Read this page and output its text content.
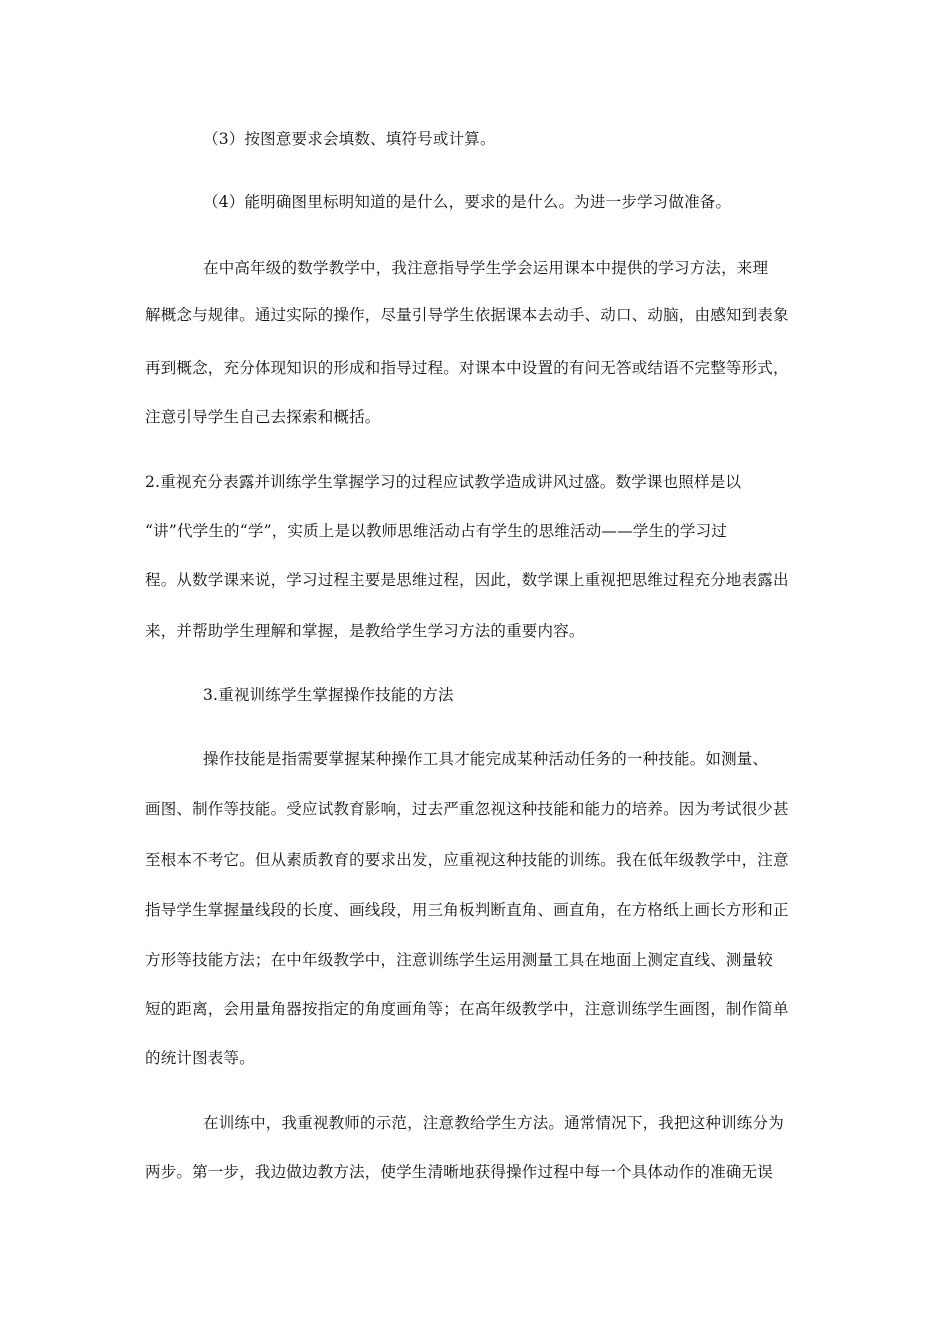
（3）按图意要求会填数、填符号或计算。
（4）能明确图里标明知道的是什么，要求的是什么。为进一步学习做准备。
在中高年级的数学教学中，我注意指导学生学会运用课本中提供的学习方法，来理
解概念与规律。通过实际的操作，尽量引导学生依据课本去动手、动口、动脑，由感知到表象
再到概念，充分体现知识的形成和指导过程。对课本中设置的有问无答或结语不完整等形式，
注意引导学生自己去探索和概括。
2.重视充分表露并训练学生掌握学习的过程应试教学造成讲风过盛。数学课也照样是以
“讲”代学生的“学”，实质上是以教师思维活动占有学生的思维活动——学生的学习过
程。从数学课来说，学习过程主要是思维过程，因此，数学课上重视把思维过程充分地表露出
来，并帮助学生理解和掌握，是教给学生学习方法的重要内容。
3.重视训练学生掌握操作技能的方法
操作技能是指需要掌握某种操作工具才能完成某种活动任务的一种技能。如测量、
画图、制作等技能。受应试教育影响，过去严重忽视这种技能和能力的培养。因为考试很少甚
至根本不考它。但从素质教育的要求出发，应重视这种技能的训练。我在低年级教学中，注意
指导学生掌握量线段的长度、画线段，用三角板判断直角、画直角，在方格纸上画长方形和正
方形等技能方法；在中年级教学中，注意训练学生运用测量工具在地面上测定直线、测量较
短的距离，会用量角器按指定的角度画角等；在高年级教学中，注意训练学生画图，制作简单
的统计图表等。
在训练中，我重视教师的示范，注意教给学生方法。通常情况下，我把这种训练分为
两步。第一步，我边做边教方法，使学生清晰地获得操作过程中每一个具体动作的准确无误
